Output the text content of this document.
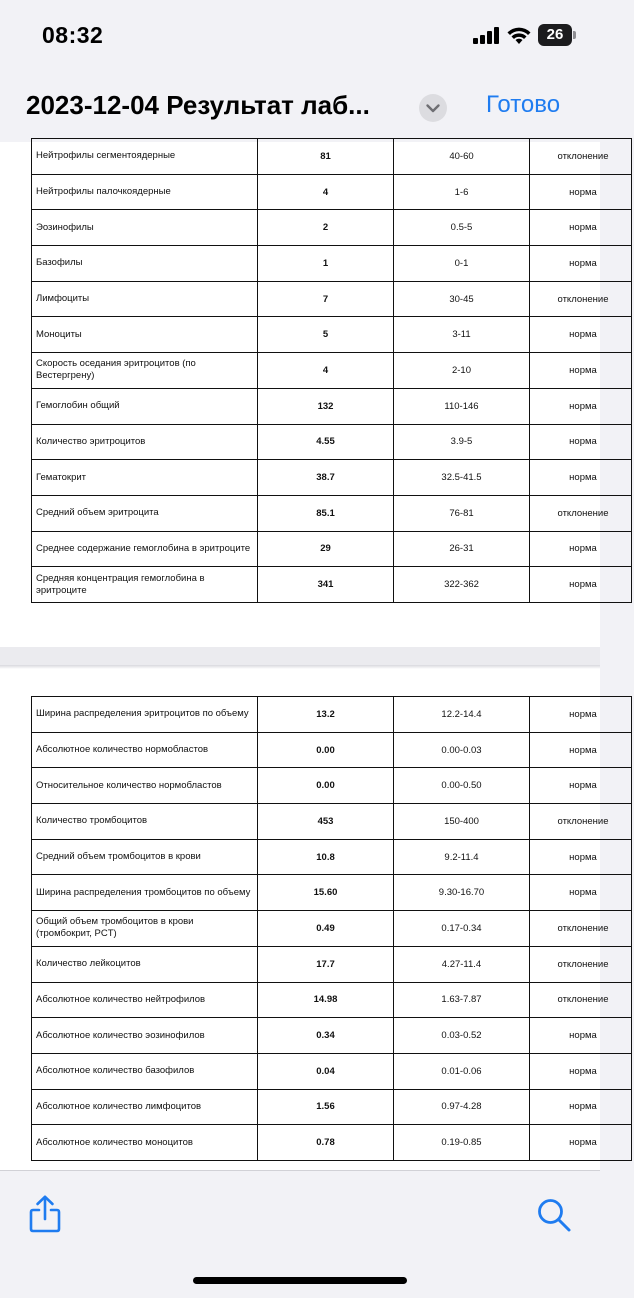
08:32	26
2023-12-04 Результат лаб...	Готово
Нейтрофилы сегментоядерные	81	40-60	отклонение

Нейтрофилы палочкоядерные	4	1-6	норма

Эозинофилы	2	0.5-5	норма

Базофилы	1	0-1	норма

Лимфоциты	7	30-45	отклонение

Моноциты	5	3-11	норма

Скорость оседания эритроцитов (по Вестергрену)	4	2-10	норма

Гемоглобин общий	132	110-146	норма

Количество эритроцитов	4.55	3.9-5	норма

Гематокрит	38.7	32.5-41.5	норма

Средний объем эритроцита	85.1	76-81	отклонение

Среднее содержание гемоглобина в эритроците	29	26-31	норма

Средняя концентрация гемоглобина в эритроците	341	322-362	норма
Ширина распределения эритроцитов по объему	13.2	12.2-14.4	норма

Абсолютное количество нормобластов	0.00	0.00-0.03	норма

Относительное количество нормобластов	0.00	0.00-0.50	норма

Количество тромбоцитов	453	150-400	отклонение

Средний объем тромбоцитов в крови	10.8	9.2-11.4	норма

Ширина распределения тромбоцитов по объему	15.60	9.30-16.70	норма

Общий объем тромбоцитов в крови (тромбокрит, PCT)	0.49	0.17-0.34	отклонение

Количество лейкоцитов	17.7	4.27-11.4	отклонение

Абсолютное количество нейтрофилов	14.98	1.63-7.87	отклонение

Абсолютное количество эозинофилов	0.34	0.03-0.52	норма

Абсолютное количество базофилов	0.04	0.01-0.06	норма

Абсолютное количество лимфоцитов	1.56	0.97-4.28	норма

Абсолютное количество моноцитов	0.78	0.19-0.85	норма
